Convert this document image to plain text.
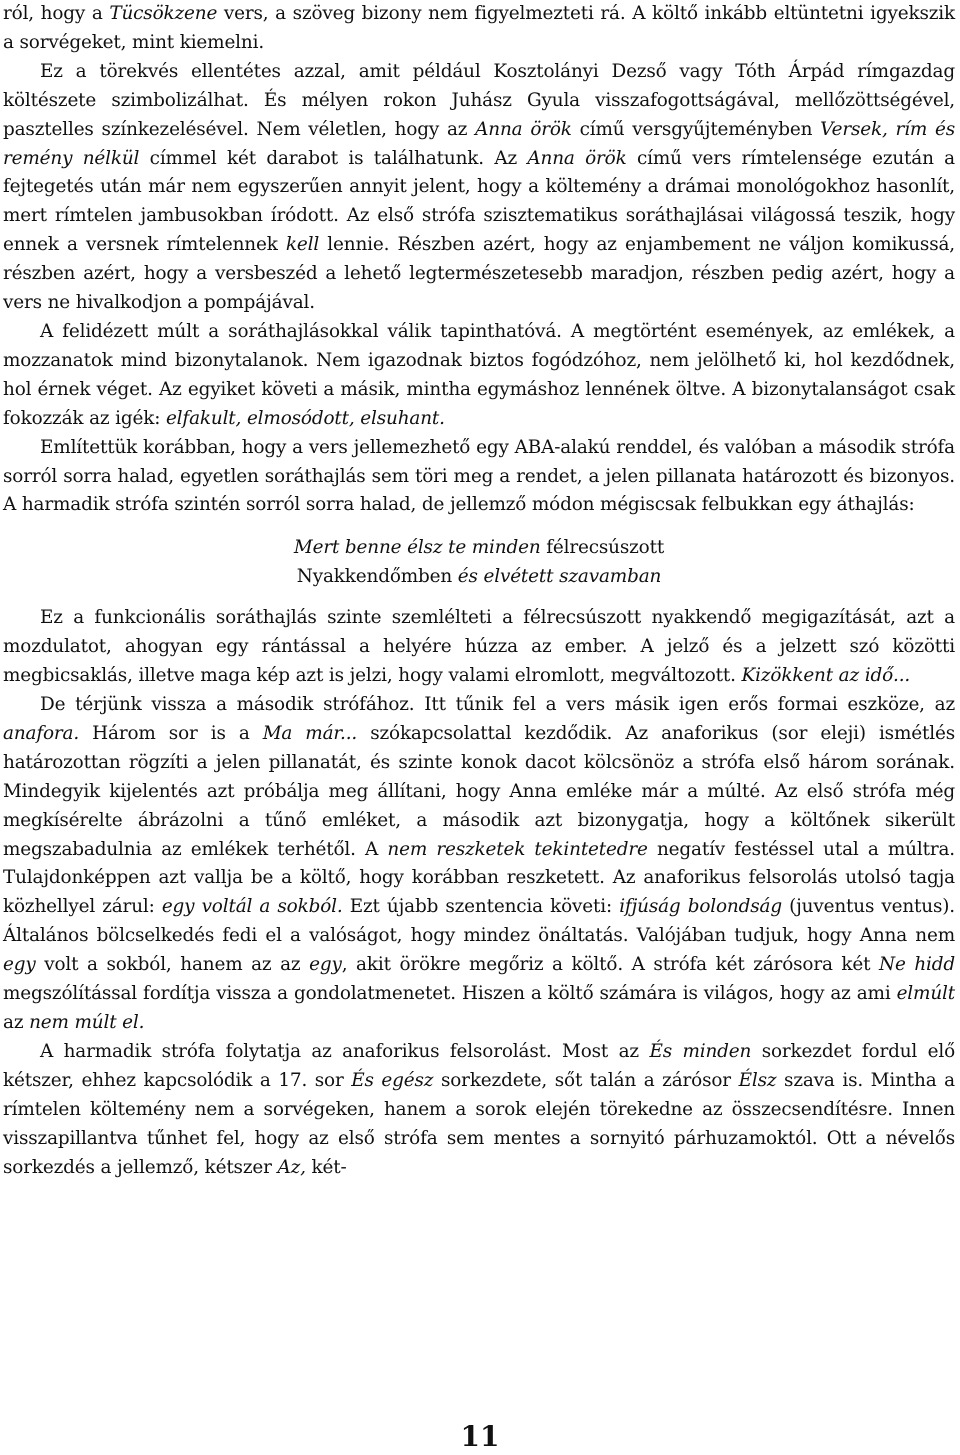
ról, hogy a Tücsökzene vers, a szöveg bizony nem figyelmezteti rá. A költő inkább eltüntetni igyekszik a sorvégeket, mint kiemelni.

Ez a törekvés ellentétes azzal, amit például Kosztolányi Dezső vagy Tóth Árpád rímgazdag költészete szimbolizálhat. És mélyen rokon Juhász Gyula visszafogottságával, mellőzöttségével, pasztelles színkezelésével. Nem véletlen, hogy az Anna örök című versgyűjteményben Versek, rím és remény nélkül címmel két darabot is találhatunk. Az Anna örök című vers rímtelensége ezután a fejtegetés után már nem egyszerűen annyit jelent, hogy a költemény a drámai monológokhoz hasonlít, mert rímtelen jambusokban íródott. Az első strófa szisztematikus soráthajlásai világossá teszik, hogy ennek a versnek rímtelennek kell lennie. Részben azért, hogy az enjambement ne váljon komikussá, részben azért, hogy a versbeszéd a lehető legtermészetesebb maradjon, részben pedig azért, hogy a vers ne hivalkodjon a pompájával.

A felidézett múlt a soráthajlásokkal válik tapinthatóvá. A megtörtént események, az emlékek, a mozzanatok mind bizonytalanok. Nem igazodnak biztos fogódzóhoz, nem jelölhető ki, hol kezdődnek, hol érnek véget. Az egyiket követi a másik, mintha egymáshoz lennének öltve. A bizonytalanságot csak fokozzák az igék: elfakult, elmosódott, elsuhant.

Említettük korábban, hogy a vers jellemezhető egy ABA-alakú renddel, és valóban a második strófa sorról sorra halad, egyetlen soráthajlás sem töri meg a rendet, a jelen pillanata határozott és bizonyos. A harmadik strófa szintén sorról sorra halad, de jellemző módon mégiscsak felbukkan egy áthajlás:

Mert benne élsz te minden félrecsúszott
Nyakkendőmben és elvétett szavamban

Ez a funkcionális soráthajlás szinte szemlélteti a félrecsúszott nyakkendő megigazítását, azt a mozdulatot, ahogyan egy rántással a helyére húzza az ember. A jelző és a jelzett szó közötti megbicsaklás, illetve maga kép azt is jelzi, hogy valami elromlott, megváltozott. Kizökkent az idő...

De térjünk vissza a második strófához. Itt tűnik fel a vers másik igen erős formai eszköze, az anafora. Három sor is a Ma már... szókapcsolattal kezdődik. Az anaforikus (sor eleji) ismétlés határozottan rögzíti a jelen pillanatát, és szinte konok dacot kölcsönöz a strófa első három sorának. Mindegyik kijelentés azt próbálja meg állítani, hogy Anna emléke már a múlté. Az első strófa még megkísérelte ábrázolni a tűnő emléket, a második azt bizonygatja, hogy a költőnek sikerült megszabadulnia az emlékek terhétől. A nem reszketek tekintetedre negatív festéssel utal a múltra. Tulajdonképpen azt vallja be a költő, hogy korábban reszketett. Az anaforikus felsorolás utolsó tagja közhellyel zárul: egy voltál a sokból. Ezt újabb szentencia követi: ifjúság bolondság (juventus ventus). Általános bölcselkedés fedi el a valóságot, hogy mindez önáltatás. Valójában tudjuk, hogy Anna nem egy volt a sokból, hanem az az egy, akit örökre megőriz a költő. A strófa két zárósora két Ne hidd megszólítással fordítja vissza a gondolatmenetet. Hiszen a költő számára is világos, hogy az ami elmúlt az nem múlt el.

A harmadik strófa folytatja az anaforikus felsorolást. Most az És minden sorkezdet fordul elő kétszer, ehhez kapcsolódik a 17. sor És egész sorkezdete, sőt talán a zárósor Élsz szava is. Mintha a rímtelen költemény nem a sorvégeken, hanem a sorok elején törekedne az összecsendítésre. Innen visszapillantva tűnhet fel, hogy az első strófa sem mentes a sornyitó párhuzamoktól. Ott a névelős sorkezdés a jellemző, kétszer Az, két-

11
